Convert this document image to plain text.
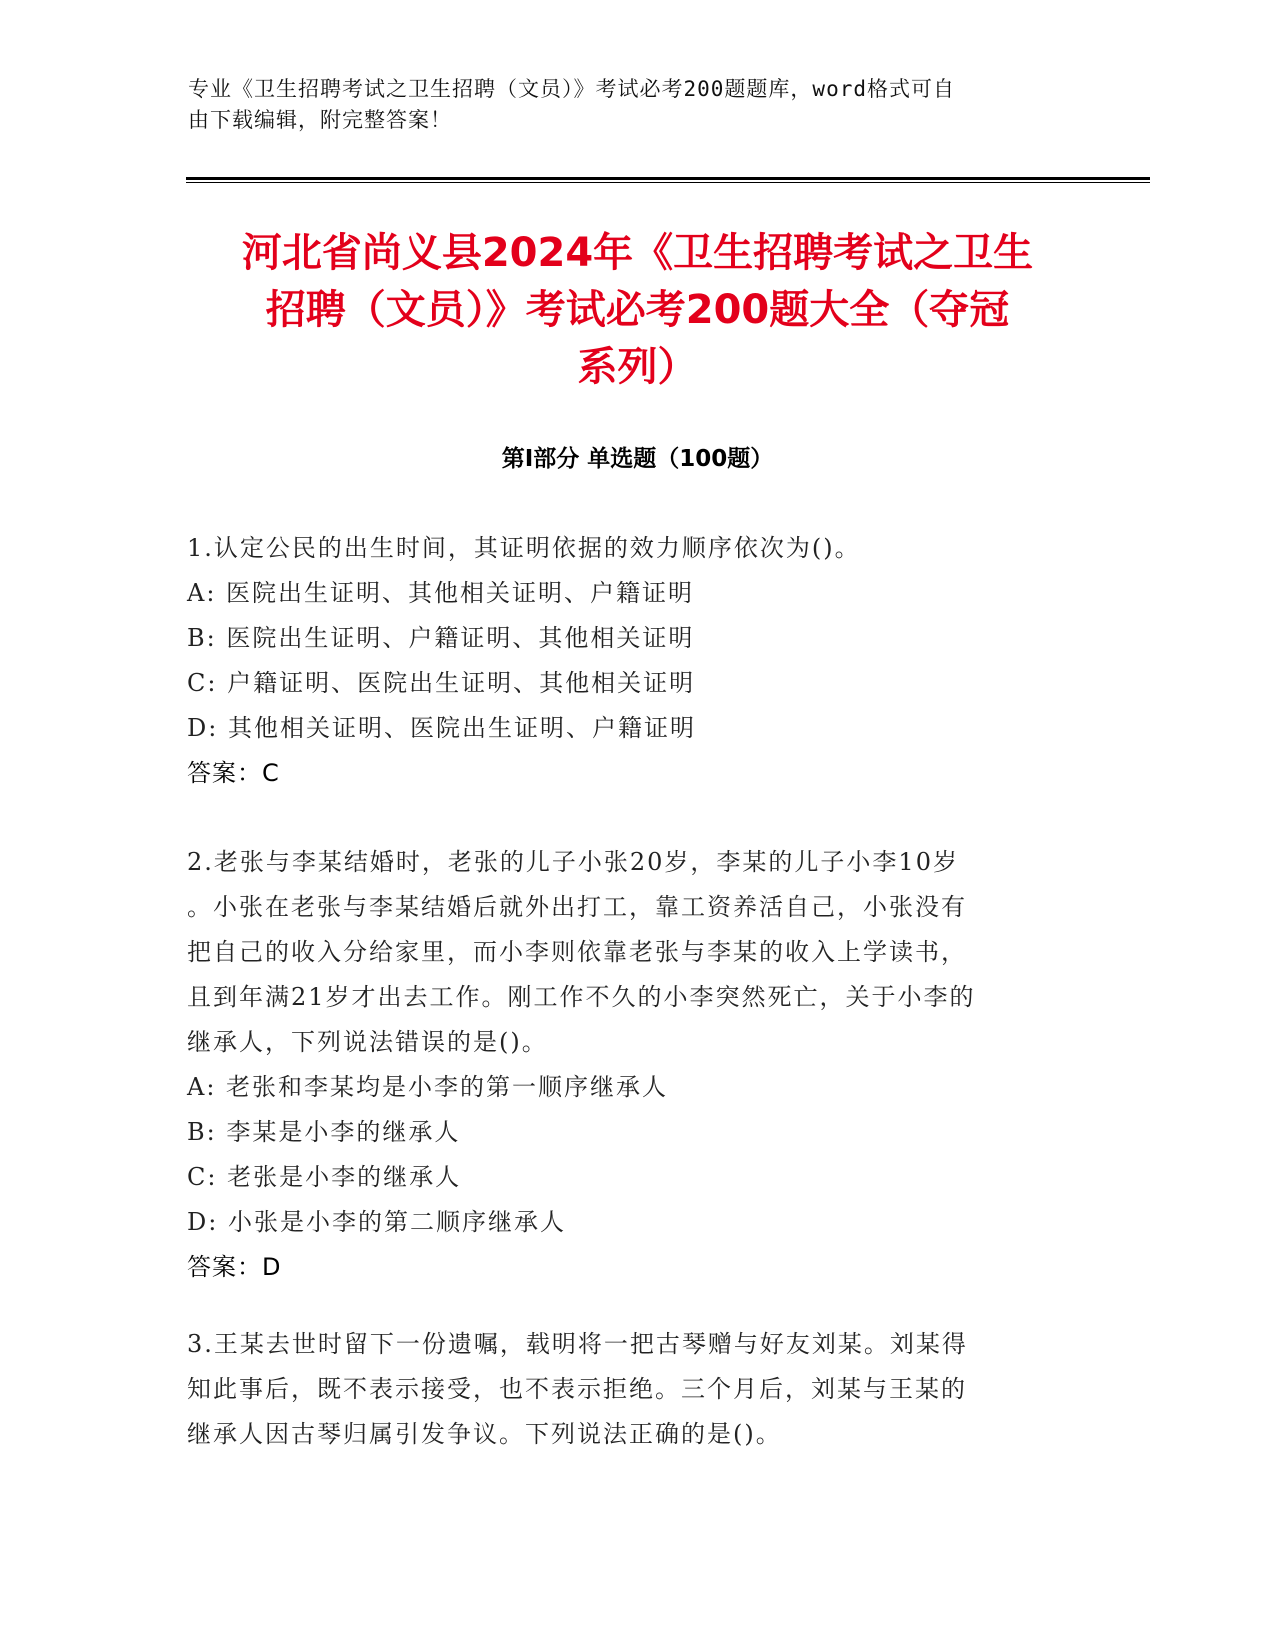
专业《卫生招聘考试之卫生招聘（文员）》考试必考200题题库，word格式可自
由下载编辑，附完整答案！
河北省尚义县2024年《卫生招聘考试之卫生
招聘（文员）》考试必考200题大全（夺冠
系列）
第Ⅰ部分 单选题（100题）
1.认定公民的出生时间，其证明依据的效力顺序依次为()。
A: 医院出生证明、其他相关证明、户籍证明
B: 医院出生证明、户籍证明、其他相关证明
C: 户籍证明、医院出生证明、其他相关证明
D: 其他相关证明、医院出生证明、户籍证明
答案：C
2.老张与李某结婚时，老张的儿子小张20岁，李某的儿子小李10岁
。小张在老张与李某结婚后就外出打工，靠工资养活自己，小张没有
把自己的收入分给家里，而小李则依靠老张与李某的收入上学读书，
且到年满21岁才出去工作。刚工作不久的小李突然死亡，关于小李的
继承人，下列说法错误的是()。
A: 老张和李某均是小李的第一顺序继承人
B: 李某是小李的继承人
C: 老张是小李的继承人
D: 小张是小李的第二顺序继承人
答案：D
3.王某去世时留下一份遗嘱，载明将一把古琴赠与好友刘某。刘某得
知此事后，既不表示接受，也不表示拒绝。三个月后，刘某与王某的
继承人因古琴归属引发争议。下列说法正确的是()。
